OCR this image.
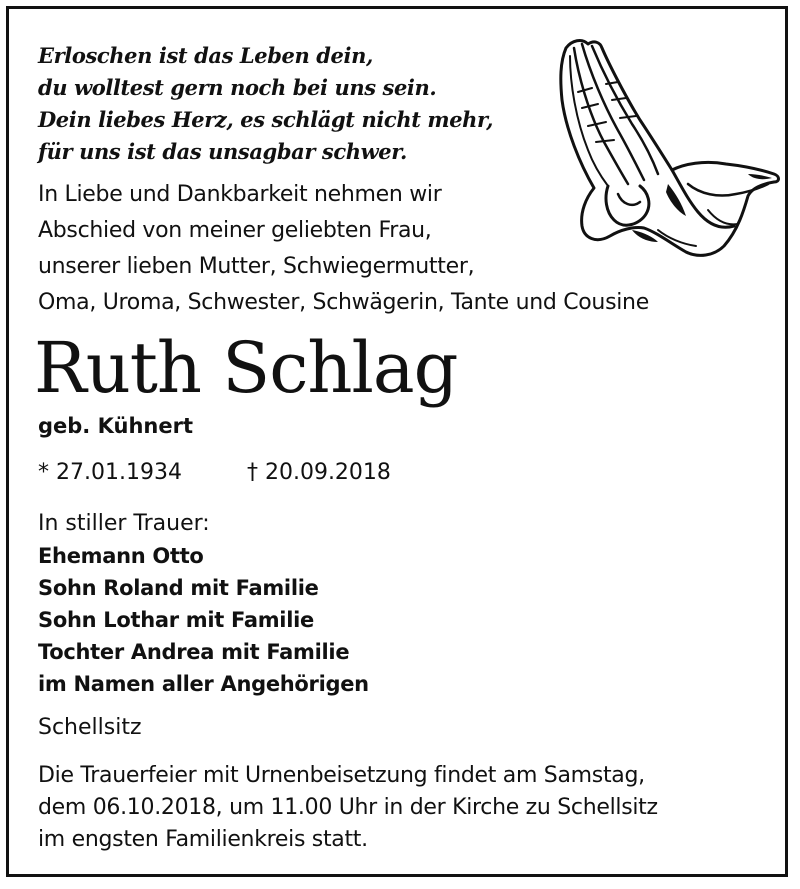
Erloschen ist das Leben dein,
du wolltest gern noch bei uns sein.
Dein liebes Herz, es schlägt nicht mehr,
für uns ist das unsagbar schwer.
In Liebe und Dankbarkeit nehmen wir
Abschied von meiner geliebten Frau,
unserer lieben Mutter, Schwiegermutter,
Oma, Uroma, Schwester, Schwägerin, Tante und Cousine
Ruth Schlag
geb. Kühnert
* 27.01.1934	† 20.09.2018
In stiller Trauer:
Ehemann Otto
Sohn Roland mit Familie
Sohn Lothar mit Familie
Tochter Andrea mit Familie
im Namen aller Angehörigen
Schellsitz
Die Trauerfeier mit Urnenbeisetzung findet am Samstag,
dem 06.10.2018, um 11.00 Uhr in der Kirche zu Schellsitz
im engsten Familienkreis statt.
